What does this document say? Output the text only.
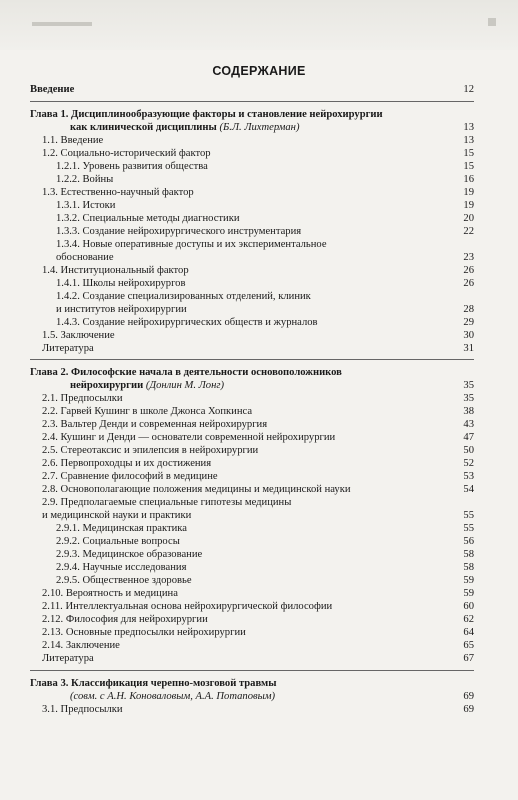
СОДЕРЖАНИЕ
Введение	12
Глава 1. Дисциплинообразующие факторы и становление нейрохирургии
как клинической дисциплины (Б.Л. Лихтерман)	13
1.1. Введение	13
1.2. Социально-исторический фактор	15
1.2.1. Уровень развития общества	15
1.2.2. Войны	16
1.3. Естественно-научный фактор	19
1.3.1. Истоки	19
1.3.2. Специальные методы диагностики	20
1.3.3. Создание нейрохирургического инструментария	22
1.3.4. Новые оперативные доступы и их экспериментальное
обоснование	23
1.4. Институциональный фактор	26
1.4.1. Школы нейрохирургов	26
1.4.2. Создание специализированных отделений, клиник
и институтов нейрохирургии	28
1.4.3. Создание нейрохирургических обществ и журналов	29
1.5. Заключение	30
Литература	31
Глава 2. Философские начала в деятельности основоположников
нейрохирургии (Донлин М. Лонг)	35
2.1. Предпосылки	35
2.2. Гарвей Кушинг в школе Джонса Хопкинса	38
2.3. Вальтер Денди и современная нейрохирургия	43
2.4. Кушинг и Денди — основатели современной нейрохирургии	47
2.5. Стереотаксис и эпилепсия в нейрохирургии	50
2.6. Первопроходцы и их достижения	52
2.7. Сравнение философий в медицине	53
2.8. Основополагающие положения медицины и медицинской науки	54
2.9. Предполагаемые специальные гипотезы медицины
и медицинской науки и практики	55
2.9.1. Медицинская практика	55
2.9.2. Социальные вопросы	56
2.9.3. Медицинское образование	58
2.9.4. Научные исследования	58
2.9.5. Общественное здоровье	59
2.10. Вероятность и медицина	59
2.11. Интеллектуальная основа нейрохирургической философии	60
2.12. Философия для нейрохирургии	62
2.13. Основные предпосылки нейрохирургии	64
2.14. Заключение	65
Литература	67
Глава 3. Классификация черепно-мозговой травмы
(совм. с А.Н. Коноваловым, А.А. Потаповым)	69
3.1. Предпосылки	69
